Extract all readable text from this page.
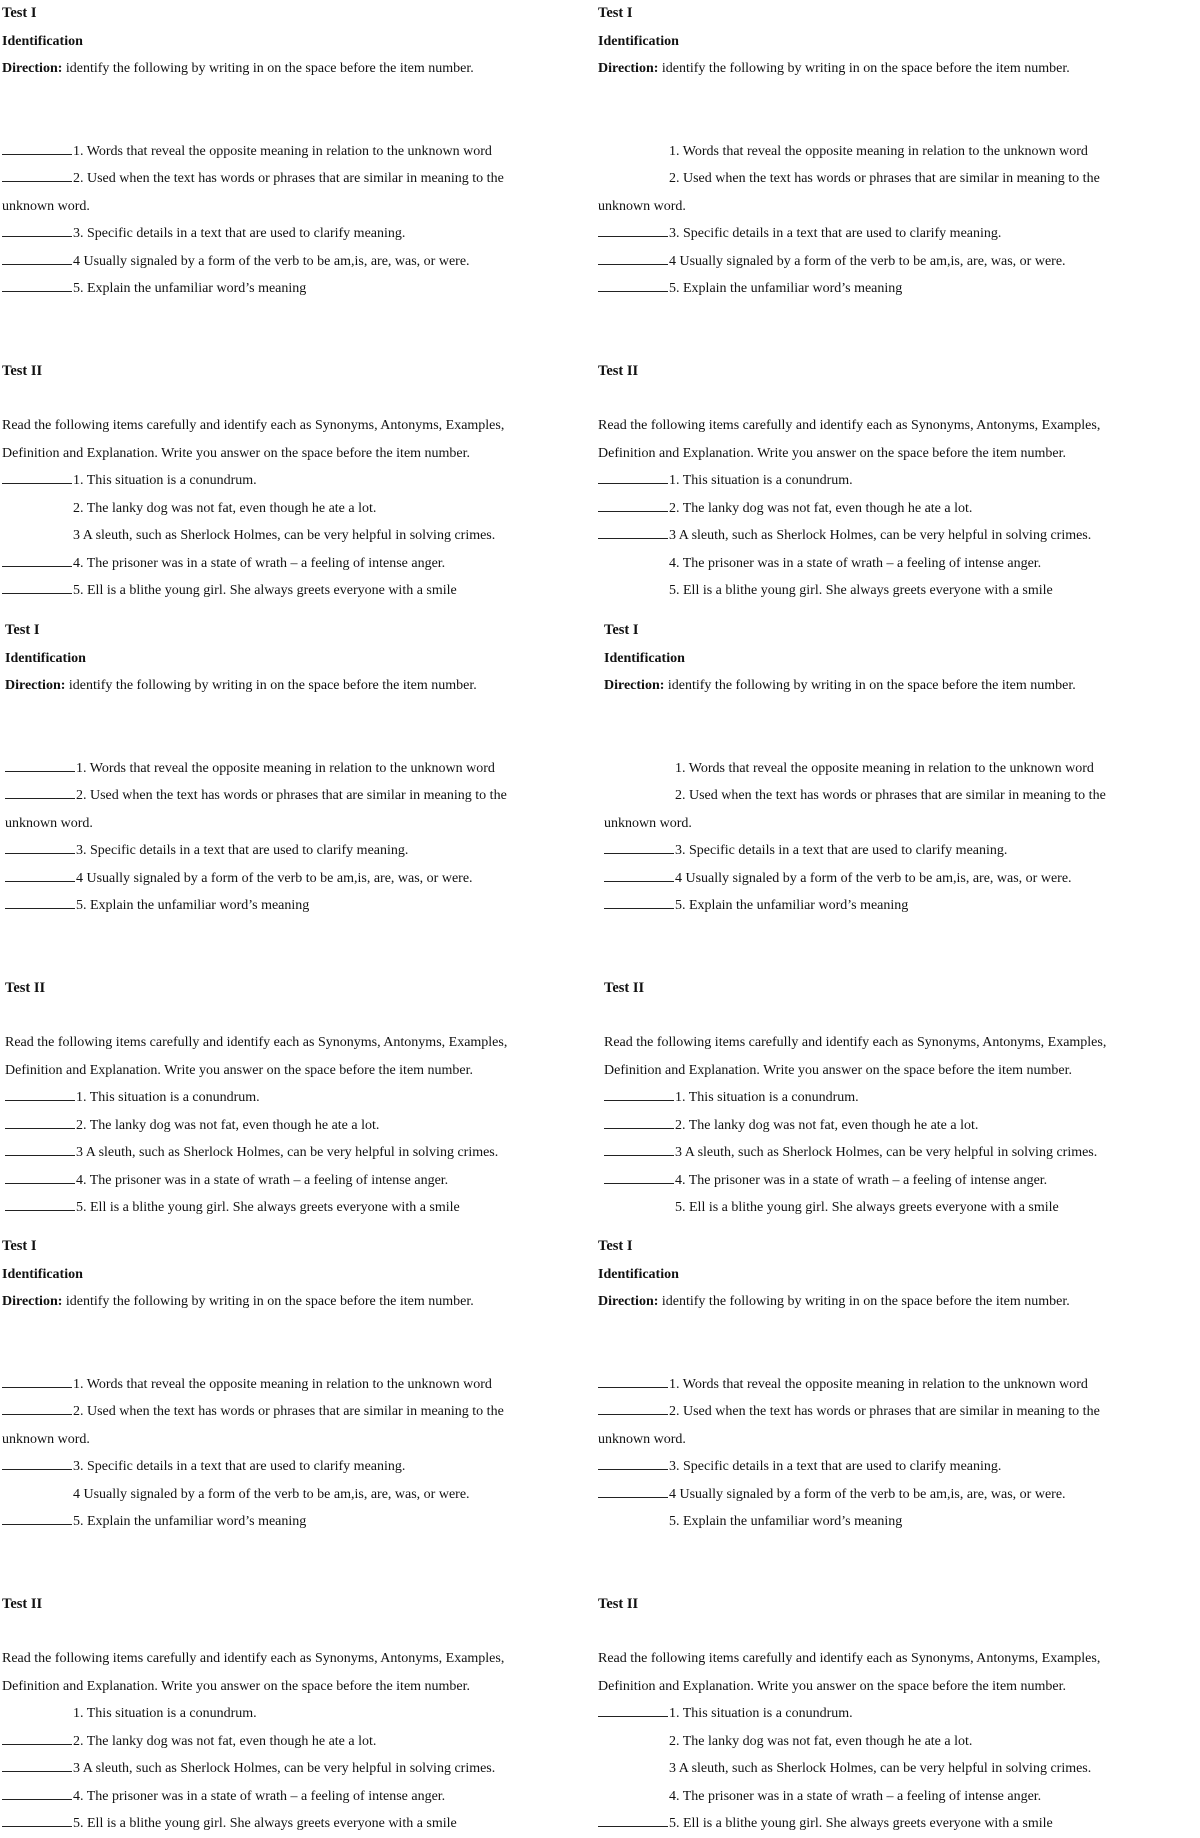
Test I
Identification
Direction: identify the following by writing in on the space before the item number.
1. Words that reveal the opposite meaning in relation to the unknown word
2. Used when the text has words or phrases that are similar in meaning to the
unknown word.
3. Specific details in a text that are used to clarify meaning.
4 Usually signaled by a form of the verb to be am,is, are, was, or were.
5. Explain the unfamiliar word’s meaning
Test II
Read the following items carefully and identify each as Synonyms, Antonyms, Examples,
Definition and Explanation. Write you answer on the space before the item number.
1. This situation is a conundrum.
2. The lanky dog was not fat, even though he ate a lot.
3 A sleuth, such as Sherlock Holmes, can be very helpful in solving crimes.
4. The prisoner was in a state of wrath – a feeling of intense anger.
5. Ell is a blithe young girl. She always greets everyone with a smile
Test I
Identification
Direction: identify the following by writing in on the space before the item number.
1. Words that reveal the opposite meaning in relation to the unknown word
2. Used when the text has words or phrases that are similar in meaning to the
unknown word.
3. Specific details in a text that are used to clarify meaning.
4 Usually signaled by a form of the verb to be am,is, are, was, or were.
5. Explain the unfamiliar word’s meaning
Test II
Read the following items carefully and identify each as Synonyms, Antonyms, Examples,
Definition and Explanation. Write you answer on the space before the item number.
1. This situation is a conundrum.
2. The lanky dog was not fat, even though he ate a lot.
3 A sleuth, such as Sherlock Holmes, can be very helpful in solving crimes.
4. The prisoner was in a state of wrath – a feeling of intense anger.
5. Ell is a blithe young girl. She always greets everyone with a smile
Test I
Identification
Direction: identify the following by writing in on the space before the item number.
1. Words that reveal the opposite meaning in relation to the unknown word
2. Used when the text has words or phrases that are similar in meaning to the
unknown word.
3. Specific details in a text that are used to clarify meaning.
4 Usually signaled by a form of the verb to be am,is, are, was, or were.
5. Explain the unfamiliar word’s meaning
Test II
Read the following items carefully and identify each as Synonyms, Antonyms, Examples,
Definition and Explanation. Write you answer on the space before the item number.
1. This situation is a conundrum.
2. The lanky dog was not fat, even though he ate a lot.
3 A sleuth, such as Sherlock Holmes, can be very helpful in solving crimes.
4. The prisoner was in a state of wrath – a feeling of intense anger.
5. Ell is a blithe young girl. She always greets everyone with a smile
Test I
Identification
Direction: identify the following by writing in on the space before the item number.
1. Words that reveal the opposite meaning in relation to the unknown word
2. Used when the text has words or phrases that are similar in meaning to the
unknown word.
3. Specific details in a text that are used to clarify meaning.
4 Usually signaled by a form of the verb to be am,is, are, was, or were.
5. Explain the unfamiliar word’s meaning
Test II
Read the following items carefully and identify each as Synonyms, Antonyms, Examples,
Definition and Explanation. Write you answer on the space before the item number.
1. This situation is a conundrum.
2. The lanky dog was not fat, even though he ate a lot.
3 A sleuth, such as Sherlock Holmes, can be very helpful in solving crimes.
4. The prisoner was in a state of wrath – a feeling of intense anger.
5. Ell is a blithe young girl. She always greets everyone with a smile
Test I
Identification
Direction: identify the following by writing in on the space before the item number.
1. Words that reveal the opposite meaning in relation to the unknown word
2. Used when the text has words or phrases that are similar in meaning to the
unknown word.
3. Specific details in a text that are used to clarify meaning.
4 Usually signaled by a form of the verb to be am,is, are, was, or were.
5. Explain the unfamiliar word’s meaning
Test II
Read the following items carefully and identify each as Synonyms, Antonyms, Examples,
Definition and Explanation. Write you answer on the space before the item number.
1. This situation is a conundrum.
2. The lanky dog was not fat, even though he ate a lot.
3 A sleuth, such as Sherlock Holmes, can be very helpful in solving crimes.
4. The prisoner was in a state of wrath – a feeling of intense anger.
5. Ell is a blithe young girl. She always greets everyone with a smile
Test I
Identification
Direction: identify the following by writing in on the space before the item number.
1. Words that reveal the opposite meaning in relation to the unknown word
2. Used when the text has words or phrases that are similar in meaning to the
unknown word.
3. Specific details in a text that are used to clarify meaning.
4 Usually signaled by a form of the verb to be am,is, are, was, or were.
5. Explain the unfamiliar word’s meaning
Test II
Read the following items carefully and identify each as Synonyms, Antonyms, Examples,
Definition and Explanation. Write you answer on the space before the item number.
1. This situation is a conundrum.
2. The lanky dog was not fat, even though he ate a lot.
3 A sleuth, such as Sherlock Holmes, can be very helpful in solving crimes.
4. The prisoner was in a state of wrath – a feeling of intense anger.
5. Ell is a blithe young girl. She always greets everyone with a smile
